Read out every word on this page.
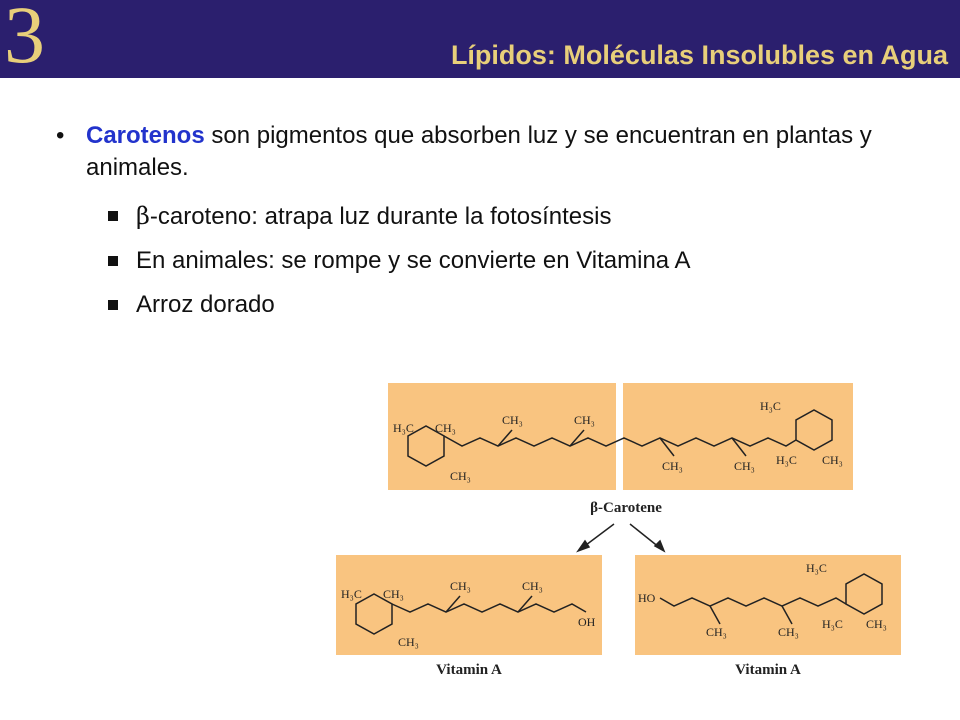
3	Lípidos: Moléculas Insolubles en Agua
• Carotenos son pigmentos que absorben luz y se encuentran en plantas y animales.
β-caroteno: atrapa luz durante la fotosíntesis
En animales: se rompe y se convierte en Vitamina A
Arroz dorado
H₃C CH₃
CH₃
CH₃	CH₃
CH₃	CH₃
H₃C
H₃C CH₃
β-Carotene
Vitamin A	Vitamin A
H₃C CH₃
CH₃
CH₃	CH₃
OH
HO
CH₃	CH₃
H₃C
H₃C CH₃
